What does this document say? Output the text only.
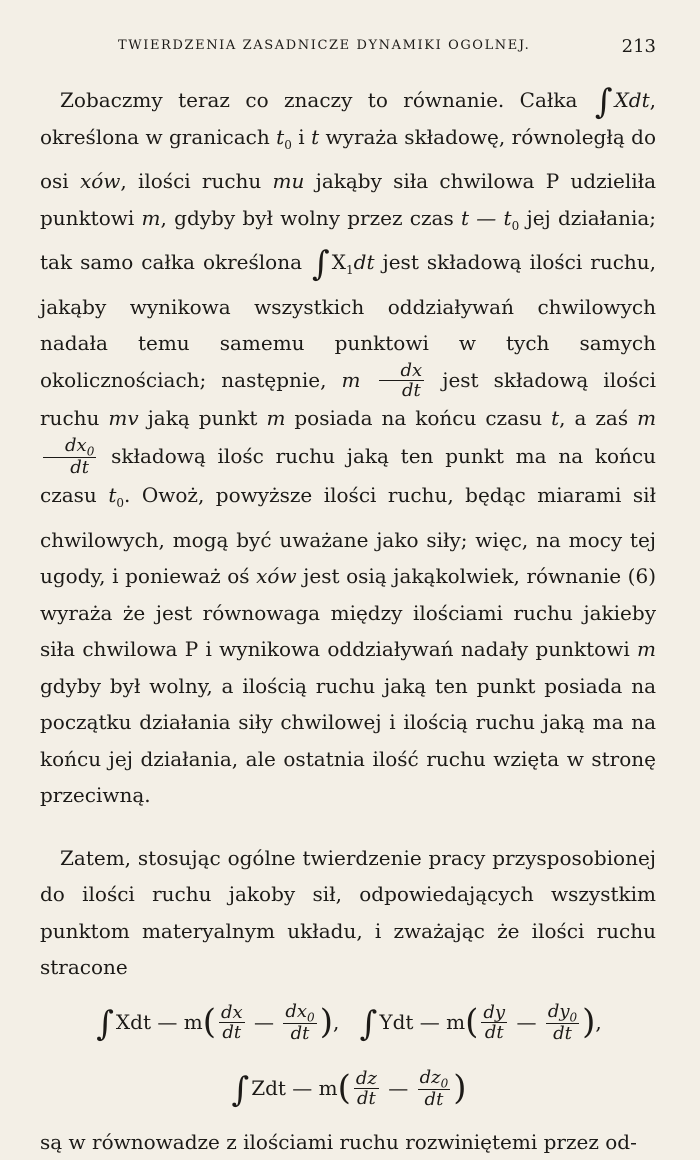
TWIERDZENIA ZASADNICZE DYNAMIKI OGOLNEJ.	213

Zobaczmy teraz co znaczy to równanie. Całka ∫ Xdt, określona w granicach $t_0$ i t wyraża składowę, równoległą do osi xów, ilości ruchu mu jakąby siła chwilowa P udzieliła punktowi m, gdyby był wolny przez czas t — $t_0$ jej działania; tak samo całka określona ∫ $X_1dt$ jest składową ilości ruchu, jakąby wynikowa wszystkich oddziaływań chwilowych nadała temu samemu punktowi w tych samych okolicznościach; następnie, m $\frac{dx}{dt}$ jest składową ilości ruchu mv jaką punkt m posiada na końcu czasu t, a zaś m
$\frac{dx_0}{dt}$ składową ilośc ruchu jaką ten punkt ma na końcu czasu $t_0$. Owoż, powyższe ilości ruchu, będąc miarami sił chwilowych, mogą być uważane jako siły; więc, na mocy tej ugody, i ponieważ oś xów jest osią jakąkolwiek, równanie (6) wyraża że jest równowaga między ilościami ruchu jakieby siła chwilowa P i wynikowa oddziaływań nadały punktowi m gdyby był wolny, a ilością ruchu jaką ten punkt posiada na początku działania siły chwilowej i ilością ruchu jaką ma na końcu jej działania, ale ostatnia ilość ruchu wzięta w stronę przeciwną.

Zatem, stosując ogólne twierdzenie pracy przysposobionej do ilości ruchu jakoby sił, odpowiedających wszystkim punktom materyalnym układu, i zważając że ilości ruchu stracone

∫ Xdt — $m( \frac{dx}{dt}$ — $\frac{dx_0}{dt}$ ), ∫ Ydt — $m( \frac{dy}{dt}$ — $\frac{dy_0}{dt}$ ),
∫ Zdt — $m( \frac{dz}{dt}$ — $\frac{dz_0}{dt}$ )

są w równowadze z ilościami ruchu rozwiniętemi przez od-
